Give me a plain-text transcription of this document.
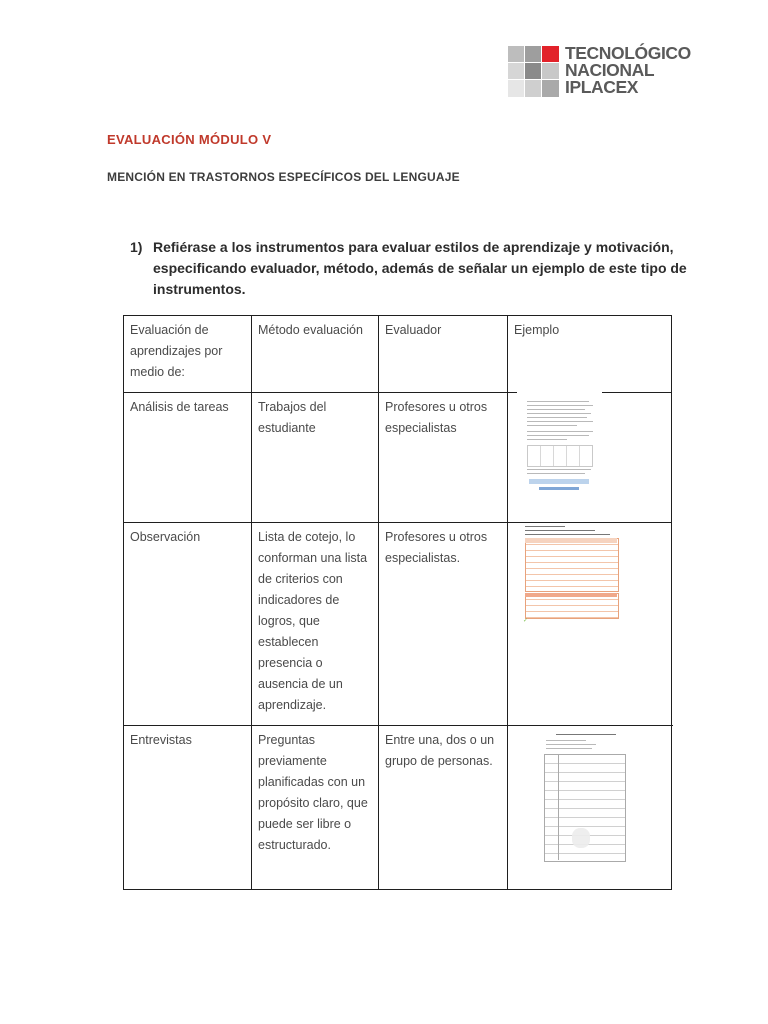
TECNOLÓGICO
NACIONAL
IPLACEX
EVALUACIÓN MÓDULO V
MENCIÓN EN TRASTORNOS ESPECÍFICOS DEL LENGUAJE
1) Refiérase a los instrumentos para evaluar estilos de aprendizaje y motivación, especificando evaluador, método, además de señalar un ejemplo de este tipo de instrumentos.
Evaluación de aprendizajes por medio de:	Método evaluación	Evaluador	Ejemplo

Análisis de tareas	Trabajos del estudiante	Profesores u otros especialistas	

Observación	Lista de cotejo, lo conforman una lista de criterios con indicadores de logros, que establecen presencia o ausencia de un aprendizaje.	Profesores u otros especialistas.	✓

Entrevistas	Preguntas previamente planificadas con un propósito claro, que puede ser libre o estructurado.	Entre una, dos o un grupo de personas.	
